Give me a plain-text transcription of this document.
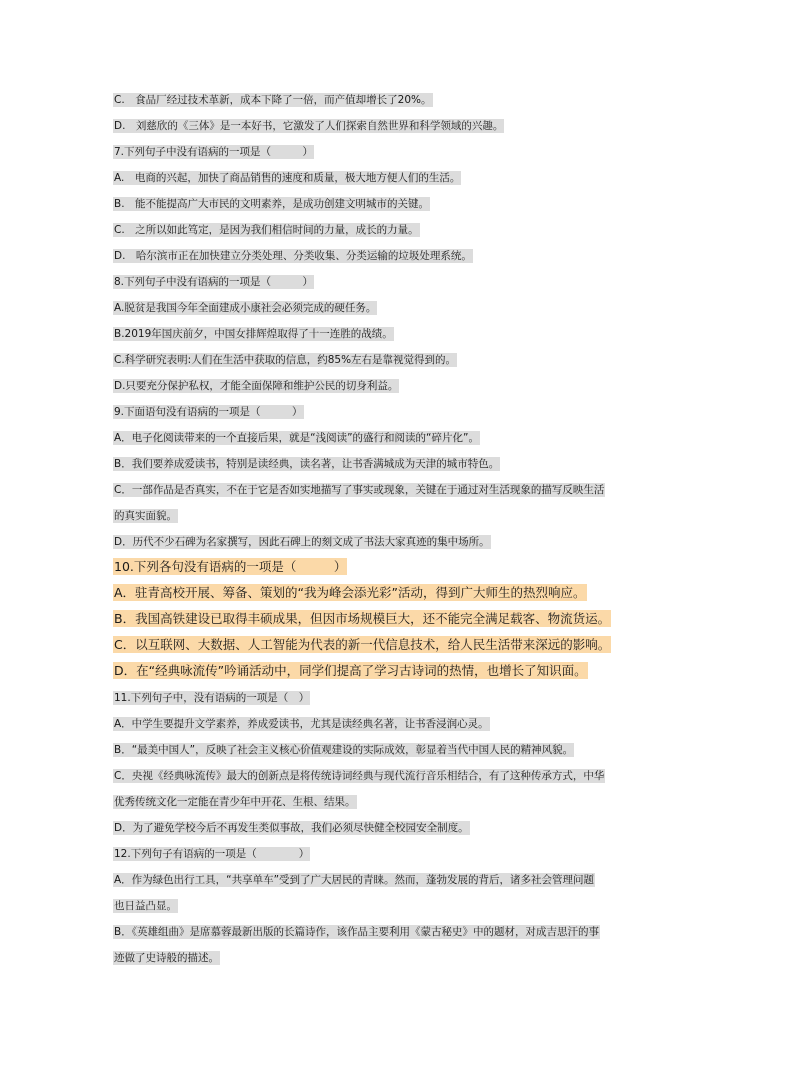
C.　食品厂经过技术革新，成本下降了一倍，而产值却增长了20%。
D.　刘慈欣的《三体》是一本好书，它激发了人们探索自然世界和科学领域的兴趣。
7.下列句子中没有语病的一项是（　　　）
A.　电商的兴起，加快了商品销售的速度和质量，极大地方便人们的生活。
B.　能不能提高广大市民的文明素养，是成功创建文明城市的关键。
C.　之所以如此笃定，是因为我们相信时间的力量，成长的力量。
D.　哈尔滨市正在加快建立分类处理、分类收集、分类运输的垃圾处理系统。
8.下列句子中没有语病的一项是（　　　）
A.脱贫是我国今年全面建成小康社会必须完成的硬任务。
B.2019年国庆前夕，中国女排辉煌取得了十一连胜的战绩。
C.科学研究表明:人们在生活中获取的信息，约85%左右是靠视觉得到的。
D.只要充分保护私权，才能全面保障和维护公民的切身利益。
9.下面语句没有语病的一项是（　　　）
A．电子化阅读带来的一个直接后果，就是“浅阅读”的盛行和阅读的“碎片化”。
B．我们要养成爱读书，特别是读经典，读名著，让书香满城成为天津的城市特色。
C．一部作品是否真实，不在于它是否如实地描写了事实或现象，关键在于通过对生活现象的描写反映生活
的真实面貌。
D．历代不少石碑为名家撰写，因此石碑上的刻文成了书法大家真迹的集中场所。
10.下列各句没有语病的一项是（　　　）
A．驻青高校开展、筹备、策划的“我为峰会添光彩”活动，得到广大师生的热烈响应。
B．我国高铁建设已取得丰硕成果，但因市场规模巨大，还不能完全满足载客、物流货运。
C．以互联网、大数据、人工智能为代表的新一代信息技术，给人民生活带来深远的影响。
D．在“经典咏流传”吟诵活动中，同学们提高了学习古诗词的热情，也增长了知识面。
11.下列句子中，没有语病的一项是（　）
A．中学生要提升文学素养，养成爱读书，尤其是读经典名著，让书香浸润心灵。
B．“最美中国人”，反映了社会主义核心价值观建设的实际成效，彰显着当代中国人民的精神风貌。
C．央视《经典咏流传》最大的创新点是将传统诗词经典与现代流行音乐相结合，有了这种传承方式，中华
优秀传统文化一定能在青少年中开花、生根、结果。
D．为了避免学校今后不再发生类似事故，我们必须尽快健全校园安全制度。
12.下列句子有语病的一项是（　　　　）
A．作为绿色出行工具，“共享单车”受到了广大居民的青睐。然而，蓬勃发展的背后，诸多社会管理问题
也日益凸显。
B．《英雄组曲》是席慕蓉最新出版的长篇诗作，该作品主要利用《蒙古秘史》中的题材，对成吉思汗的事
迹做了史诗般的描述。
